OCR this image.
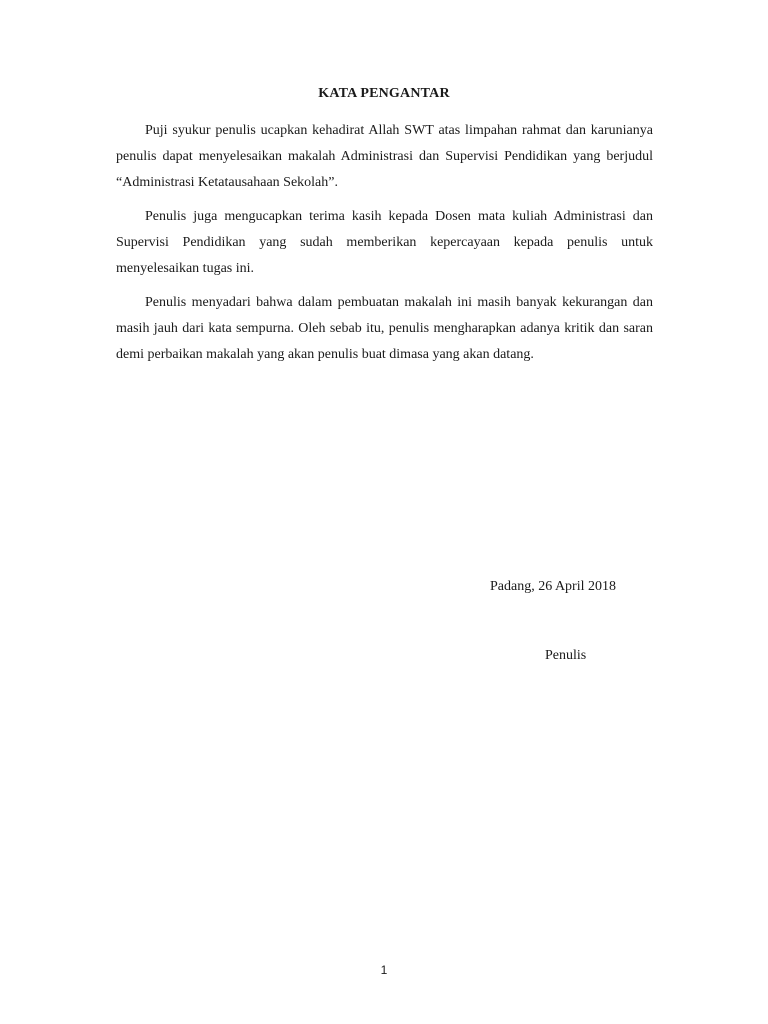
KATA PENGANTAR

Puji syukur penulis ucapkan kehadirat Allah SWT atas limpahan rahmat dan karunianya penulis dapat menyelesaikan makalah Administrasi dan Supervisi Pendidikan yang berjudul “Administrasi Ketatausahaan Sekolah”.

Penulis juga mengucapkan terima kasih kepada Dosen mata kuliah Administrasi dan Supervisi Pendidikan yang sudah memberikan kepercayaan kepada penulis untuk menyelesaikan tugas ini.

Penulis menyadari bahwa dalam pembuatan makalah ini masih banyak kekurangan dan masih jauh dari kata sempurna. Oleh sebab itu, penulis mengharapkan adanya kritik dan saran demi perbaikan makalah yang akan penulis buat dimasa yang akan datang.

Padang, 26 April 2018
Penulis
1
